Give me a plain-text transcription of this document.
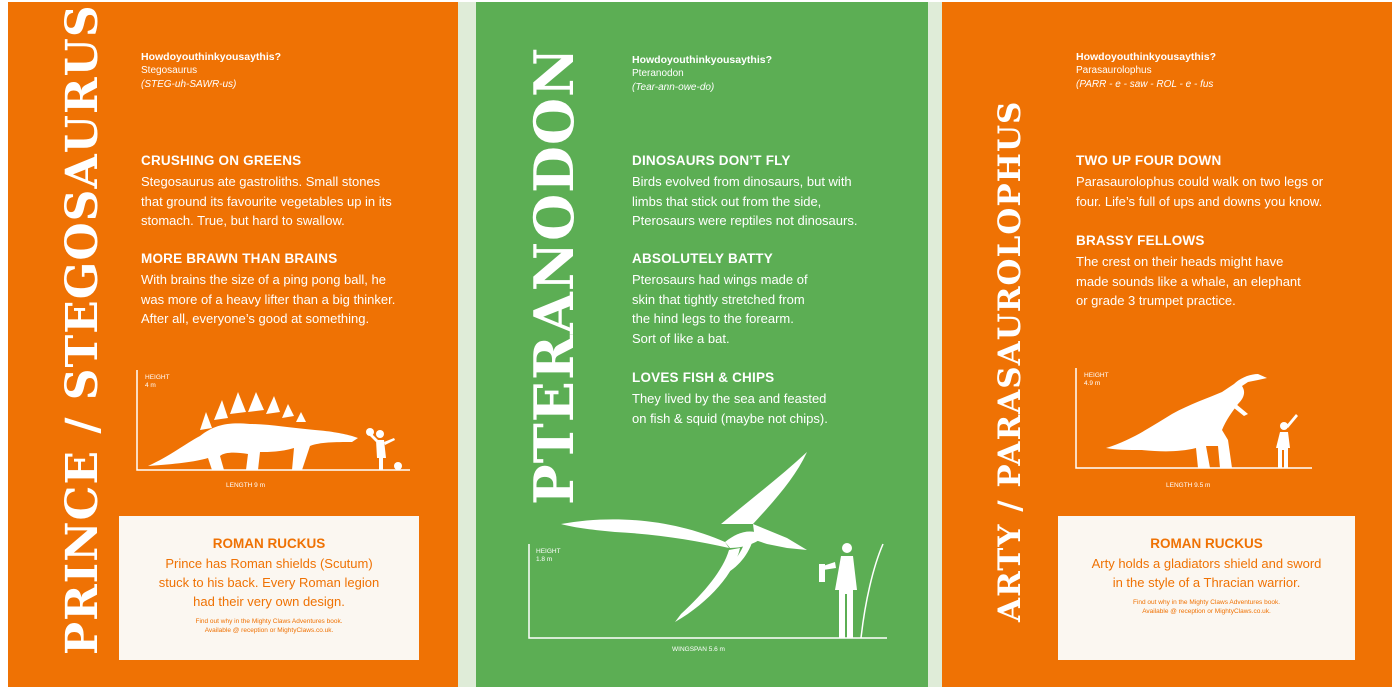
PRINCE / STEGOSAURUS	Howdoyouthinkyousaythis?
Stegosaurus
(STEG-uh-SAWR-us)
CRUSHING ON GREENS

Stegosaurus ate gastroliths. Small stones
that ground its favourite vegetables up in its
stomach. True, but hard to swallow.

MORE BRAWN THAN BRAINS

With brains the size of a ping pong ball, he
was more of a heavy lifter than a big thinker.
After all, everyone’s good at something.

HEIGHT
4 m
LENGTH 9 m
ROMAN RUCKUS

Prince has Roman shields (Scutum)
stuck to his back. Every Roman legion
had their very own design.

Find out why in the Mighty Claws Adventures book.
Available @ reception or MightyClaws.co.uk.
PTERANODON	Howdoyouthinkyousaythis?
Pteranodon
(Tear-ann-owe-do)
DINOSAURS DON’T FLY

Birds evolved from dinosaurs, but with
limbs that stick out from the side,
Pterosaurs were reptiles not dinosaurs.

ABSOLUTELY BATTY

Pterosaurs had wings made of
skin that tightly stretched from
the hind legs to the forearm.
Sort of like a bat.

LOVES FISH & CHIPS

They lived by the sea and feasted
on fish & squid (maybe not chips).

HEIGHT
1.8 m
WINGSPAN 5.6 m
ARTY / PARASAUROLOPHUS
Howdoyouthinkyousaythis?
Parasaurolophus
(PARR - e - saw - ROL - e - fus
TWO UP FOUR DOWN

Parasaurolophus could walk on two legs or
four. Life’s full of ups and downs you know.

BRASSY FELLOWS

The crest on their heads might have
made sounds like a whale, an elephant
or grade 3 trumpet practice.

HEIGHT
4.9 m
LENGTH 9.5 m
ROMAN RUCKUS

Arty holds a gladiators shield and sword
in the style of a Thracian warrior.

Find out why in the Mighty Claws Adventures book.
Available @ reception or MightyClaws.co.uk.
